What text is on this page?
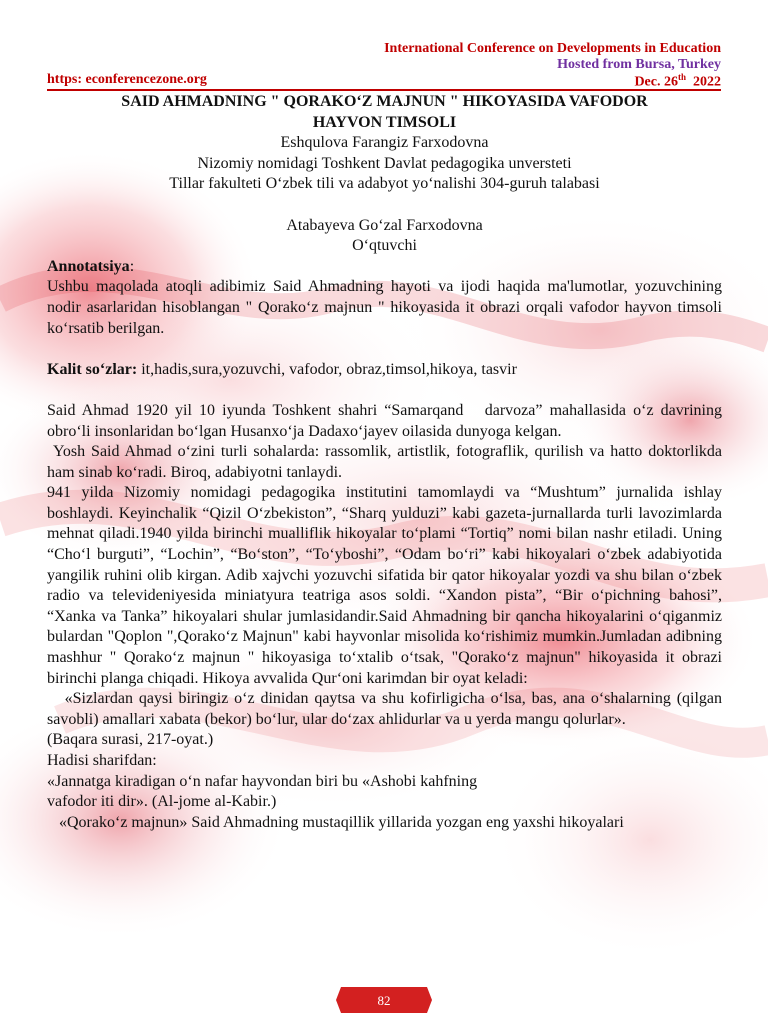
International Conference on Developments in Education
Hosted from Bursa, Turkey
https: econferencezone.org	Dec. 26th  2022
SAID AHMADNING " QORAKO‘Z MAJNUN " HIKOYASIDA VAFODOR
HAYVON TIMSOLI
Eshqulova Farangiz Farxodovna
Nizomiy nomidagi Toshkent Davlat pedagogika unversteti
Tillar fakulteti O‘zbek tili va adabyot yo‘nalishi 304-guruh talabasi
Atabayeva Go‘zal Farxodovna
O‘qtuvchi

Annotatsiya:

Ushbu maqolada atoqli adibimiz Said Ahmadning hayoti va ijodi haqida ma'lumotlar, yozuvchining nodir asarlaridan hisoblangan " Qorako‘z majnun " hikoyasida it obrazi orqali vafodor hayvon timsoli ko‘rsatib berilgan.

Kalit so‘zlar: it,hadis,sura,yozuvchi, vafodor, obraz,timsol,hikoya, tasvir

Said Ahmad 1920 yil 10 iyunda Toshkent shahri “Samarqand   darvoza” mahallasida o‘z davrining obro‘li insonlaridan bo‘lgan Husanxo‘ja Dadaxo‘jayev oilasida dunyoga kelgan.

Yosh Said Ahmad o‘zini turli sohalarda: rassomlik, artistlik, fotograflik, qurilish va hatto doktorlikda ham sinab ko‘radi. Biroq, adabiyotni tanlaydi.

941 yilda Nizomiy nomidagi pedagogika institutini tamomlaydi va “Mushtum” jurnalida ishlay boshlaydi. Keyinchalik “Qizil O‘zbekiston”, “Sharq yulduzi” kabi gazeta-jurnallarda turli lavozimlarda mehnat qiladi.1940 yilda birinchi mualliflik hikoyalar to‘plami “Tortiq” nomi bilan nashr etiladi. Uning “Cho‘l burguti”, “Lochin”, “Bo‘ston”, “To‘yboshi”, “Odam bo‘ri” kabi hikoyalari o‘zbek adabiyotida yangilik ruhini olib kirgan. Adib xajvchi yozuvchi sifatida bir qator hikoyalar yozdi va shu bilan o‘zbek radio va televideniyesida miniatyura teatriga asos soldi. “Xandon pista”, “Bir o‘pichning bahosi”, “Xanka va Tanka” hikoyalari shular jumlasidandir.Said Ahmadning bir qancha hikoyalarini o‘qiganmiz bulardan "Qoplon ",Qorako‘z Majnun" kabi hayvonlar misolida ko‘rishimiz mumkin.Jumladan adibning mashhur " Qorako‘z majnun " hikoyasiga to‘xtalib o‘tsak, "Qorako‘z majnun" hikoyasida it obrazi birinchi planga chiqadi. Hikoya avvalida Qur‘oni karimdan bir oyat keladi:

«Sizlardan qaysi biringiz o‘z dinidan qaytsa va shu kofirligicha o‘lsa, bas, ana o‘shalarning (qilgan savobli) amallari xabata (bekor) bo‘lur, ular do‘zax ahlidurlar va u yerda mangu qolurlar».

(Baqara surasi, 217-oyat.)

Hadisi sharifdan:

«Jannatga kiradigan o‘n nafar hayvondan biri bu «Ashobi kahfning

vafodor iti dir». (Al-jome al-Kabir.)

«Qorako‘z majnun» Said Ahmadning mustaqillik yillarida yozgan eng yaxshi hikoyalari

82
